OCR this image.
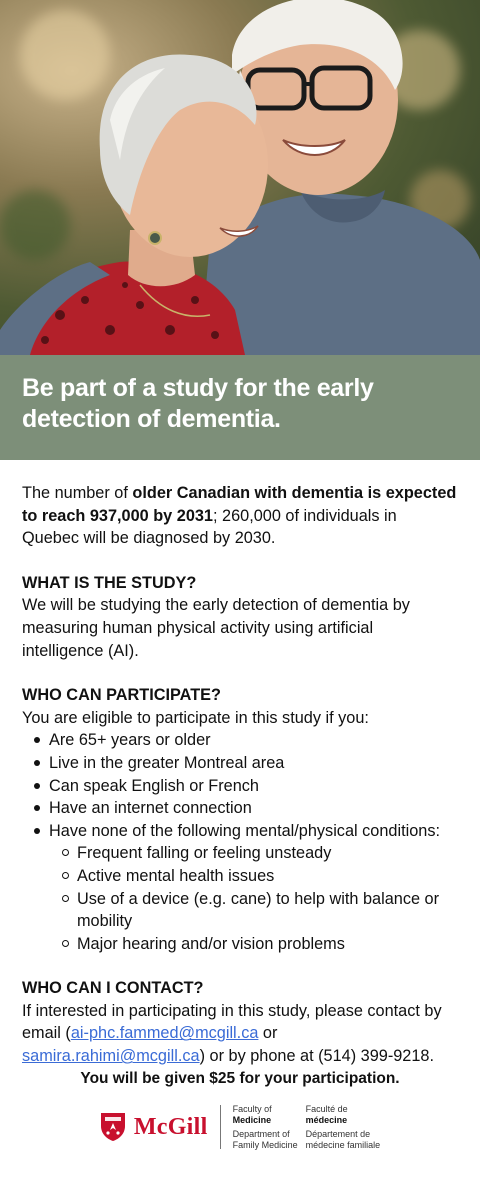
Be part of a study for the early detection of dementia.

The number of older Canadian with dementia is expected to reach 937,000 by 2031; 260,000 of individuals in Quebec will be diagnosed by 2030.

WHAT IS THE STUDY?

We will be studying the early detection of dementia by measuring human physical activity using artificial intelligence (AI).

WHO CAN PARTICIPATE?

You are eligible to participate in this study if you:

Are 65+ years or older
Live in the greater Montreal area
Can speak English or French
Have an internet connection
Have none of the following mental/physical conditions:
Frequent falling or feeling unsteady
Active mental health issues
Use of a device (e.g. cane) to help with balance or mobility
Major hearing and/or vision problems

WHO CAN I CONTACT?

If interested in participating in this study, please contact by email (ai-phc.fammed@mcgill.ca or
samira.rahimi@mcgill.ca) or by phone at (514) 399-9218.

You will be given $25 for your participation.

McGill
Faculty of
Medicine
Department of
Family Medicine
Faculté de
médecine
Département de
médecine familiale
